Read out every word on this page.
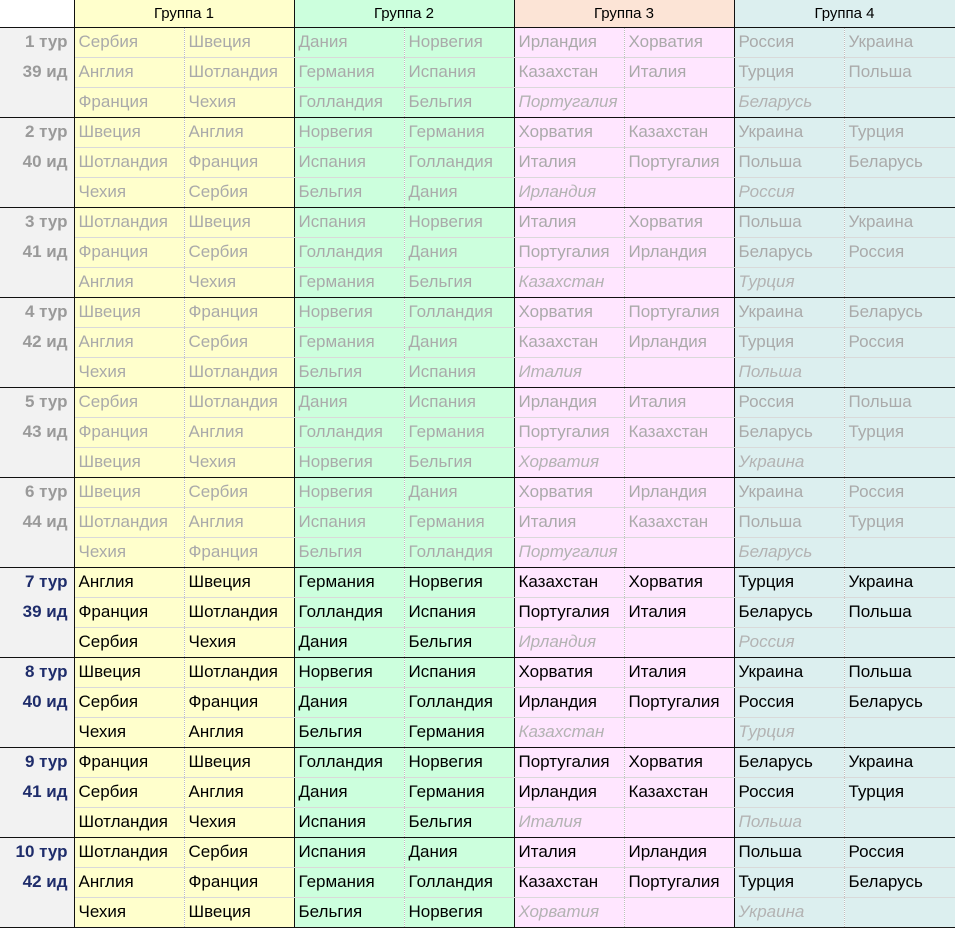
	Группа 1		Группа 2		Группа 3		Группа 4	
1 тур	Сербия	Швеция	Дания	Норвегия	Ирландия	Хорватия	Россия	Украина
39 ид	Англия	Шотландия	Германия	Испания	Казахстан	Италия	Турция	Польша
	Франция	Чехия	Голландия	Бельгия	Португалия		Беларусь	
2 тур	Швеция	Англия	Норвегия	Германия	Хорватия	Казахстан	Украина	Турция
40 ид	Шотландия	Франция	Испания	Голландия	Италия	Португалия	Польша	Беларусь
	Чехия	Сербия	Бельгия	Дания	Ирландия		Россия	
3 тур	Шотландия	Швеция	Испания	Норвегия	Италия	Хорватия	Польша	Украина
41 ид	Франция	Сербия	Голландия	Дания	Португалия	Ирландия	Беларусь	Россия
	Англия	Чехия	Германия	Бельгия	Казахстан		Турция	
4 тур	Швеция	Франция	Норвегия	Голландия	Хорватия	Португалия	Украина	Беларусь
42 ид	Англия	Сербия	Германия	Дания	Казахстан	Ирландия	Турция	Россия
	Чехия	Шотландия	Бельгия	Испания	Италия		Польша	
5 тур	Сербия	Шотландия	Дания	Испания	Ирландия	Италия	Россия	Польша
43 ид	Франция	Англия	Голландия	Германия	Португалия	Казахстан	Беларусь	Турция
	Швеция	Чехия	Норвегия	Бельгия	Хорватия		Украина	
6 тур	Швеция	Сербия	Норвегия	Дания	Хорватия	Ирландия	Украина	Россия
44 ид	Шотландия	Англия	Испания	Германия	Италия	Казахстан	Польша	Турция
	Чехия	Франция	Бельгия	Голландия	Португалия		Беларусь	
7 тур	Англия	Швеция	Германия	Норвегия	Казахстан	Хорватия	Турция	Украина
39 ид	Франция	Шотландия	Голландия	Испания	Португалия	Италия	Беларусь	Польша
	Сербия	Чехия	Дания	Бельгия	Ирландия		Россия	
8 тур	Швеция	Шотландия	Норвегия	Испания	Хорватия	Италия	Украина	Польша
40 ид	Сербия	Франция	Дания	Голландия	Ирландия	Португалия	Россия	Беларусь
	Чехия	Англия	Бельгия	Германия	Казахстан		Турция	
9 тур	Франция	Швеция	Голландия	Норвегия	Португалия	Хорватия	Беларусь	Украина
41 ид	Сербия	Англия	Дания	Германия	Ирландия	Казахстан	Россия	Турция
	Шотландия	Чехия	Испания	Бельгия	Италия		Польша	
10 тур	Шотландия	Сербия	Испания	Дания	Италия	Ирландия	Польша	Россия
42 ид	Англия	Франция	Германия	Голландия	Казахстан	Португалия	Турция	Беларусь
	Чехия	Швеция	Бельгия	Норвегия	Хорватия		Украина	
